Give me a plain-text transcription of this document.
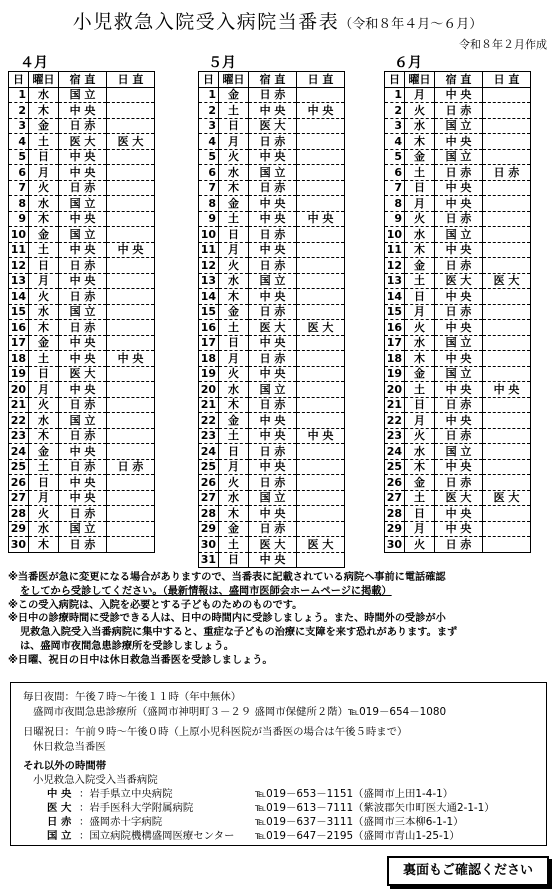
小児救急入院受入病院当番表（令和８年４月～６月）
令和８年２月作成
４月	５月	６月
日	曜日	宿 直	日 直
1	水	国 立	
2	木	中 央	
3	金	日 赤	
4	土	医 大	医 大
5	日	中 央	
6	月	中 央	
7	火	日 赤	
8	水	国 立	
9	木	中 央	
10	金	国 立	
11	土	中 央	中 央
12	日	日 赤	
13	月	中 央	
14	火	日 赤	
15	水	国 立	
16	木	日 赤	
17	金	中 央	
18	土	中 央	中 央
19	日	医 大	
20	月	中 央	
21	火	日 赤	
22	水	国 立	
23	木	日 赤	
24	金	中 央	
25	土	日 赤	日 赤
26	日	中 央	
27	月	中 央	
28	火	日 赤	
29	水	国 立	
30	木	日 赤	
日	曜日	宿 直	日 直
1	金	日 赤	
2	土	中 央	中 央
3	日	医 大	
4	月	日 赤	
5	火	中 央	
6	水	国 立	
7	木	日 赤	
8	金	中 央	
9	土	中 央	中 央
10	日	日 赤	
11	月	中 央	
12	火	日 赤	
13	水	国 立	
14	木	中 央	
15	金	日 赤	
16	土	医 大	医 大
17	日	中 央	
18	月	日 赤	
19	火	中 央	
20	水	国 立	
21	木	日 赤	
22	金	中 央	
23	土	中 央	中 央
24	日	日 赤	
25	月	中 央	
26	火	日 赤	
27	水	国 立	
28	木	中 央	
29	金	日 赤	
30	土	医 大	医 大
31	日	中 央	
日	曜日	宿 直	日 直
1	月	中 央	
2	火	日 赤	
3	水	国 立	
4	木	中 央	
5	金	国 立	
6	土	日 赤	日 赤
7	日	中 央	
8	月	中 央	
9	火	日 赤	
10	水	国 立	
11	木	中 央	
12	金	日 赤	
13	土	医 大	医 大
14	日	中 央	
15	月	日 赤	
16	火	中 央	
17	水	国 立	
18	木	中 央	
19	金	国 立	
20	土	中 央	中 央
21	日	日 赤	
22	月	中 央	
23	火	日 赤	
24	水	国 立	
25	木	中 央	
26	金	日 赤	
27	土	医 大	医 大
28	日	中 央	
29	月	中 央	
30	火	日 赤	

※当番医が急に変更になる場合がありますので、当番表に記載されている病院へ事前に電話確認

をしてから受診してください。（最新情報は、盛岡市医師会ホームページに掲載）

※この受入病院は、入院を必要とする子どものためのものです。

※日中の診療時間に受診できる人は、日中の時間内に受診しましょう。また、時間外の受診が小

児救急入院受入当番病院に集中すると、重症な子どもの治療に支障を来す恐れがあります。まず

は、盛岡市夜間急患診療所を受診しましょう。

※日曜、祝日の日中は休日救急当番医を受診しましょう。

毎日夜間：午後７時～午後１１時（年中無休）
盛岡市夜間急患診療所（盛岡市神明町３－２９ 盛岡市保健所２階）℡019－654－1080
日曜祝日：午前９時～午後０時（上原小児科医院が当番医の場合は午後５時まで）
休日救急当番医
それ以外の時間帯
小児救急入院受入当番病院
中 央 ：岩手県立中央病院	℡019－653－1151（盛岡市上田1-4-1）
医 大 ：岩手医科大学附属病院	℡019－613－7111（紫波郡矢巾町医大通2-1-1）
日 赤 ：盛岡赤十字病院	℡019－637－3111（盛岡市三本柳6-1-1）
国 立 ：国立病院機構盛岡医療センター ℡019－647－2195（盛岡市青山1-25-1）
裏面もご確認ください
